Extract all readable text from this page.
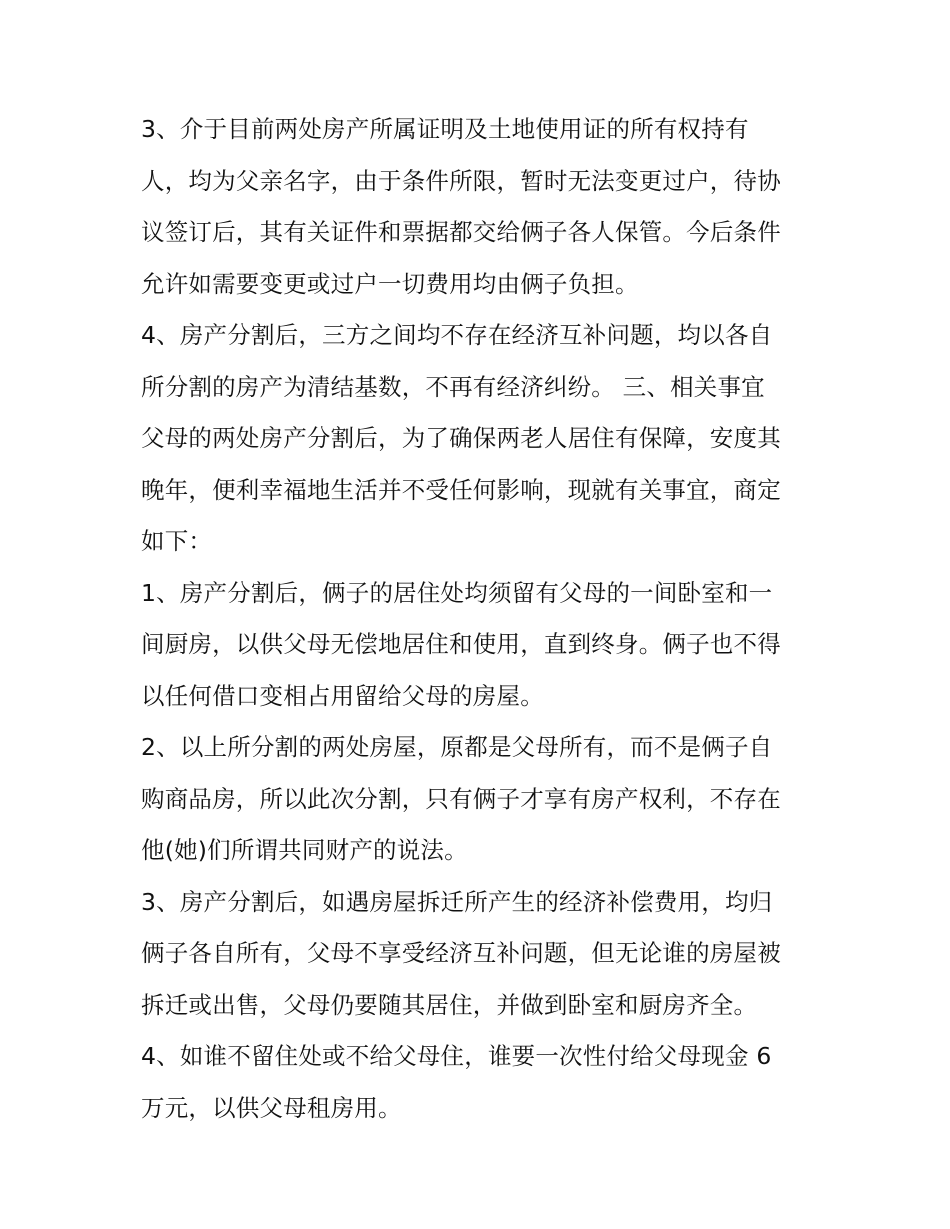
3、介于目前两处房产所属证明及土地使用证的所有权持有
人，均为父亲名字，由于条件所限，暂时无法变更过户，待协
议签订后，其有关证件和票据都交给俩子各人保管。今后条件
允许如需要变更或过户一切费用均由俩子负担。
4、房产分割后，三方之间均不存在经济互补问题，均以各自
所分割的房产为清结基数，不再有经济纠纷。 三、相关事宜
父母的两处房产分割后，为了确保两老人居住有保障，安度其
晚年，便利幸福地生活并不受任何影响，现就有关事宜，商定
如下：
1、房产分割后，俩子的居住处均须留有父母的一间卧室和一
间厨房，以供父母无偿地居住和使用，直到终身。俩子也不得
以任何借口变相占用留给父母的房屋。
2、以上所分割的两处房屋，原都是父母所有，而不是俩子自
购商品房，所以此次分割，只有俩子才享有房产权利，不存在
他(她)们所谓共同财产的说法。
3、房产分割后，如遇房屋拆迁所产生的经济补偿费用，均归
俩子各自所有，父母不享受经济互补问题，但无论谁的房屋被
拆迁或出售，父母仍要随其居住，并做到卧室和厨房齐全。
4、如谁不留住处或不给父母住，谁要一次性付给父母现金 6
万元，以供父母租房用。
